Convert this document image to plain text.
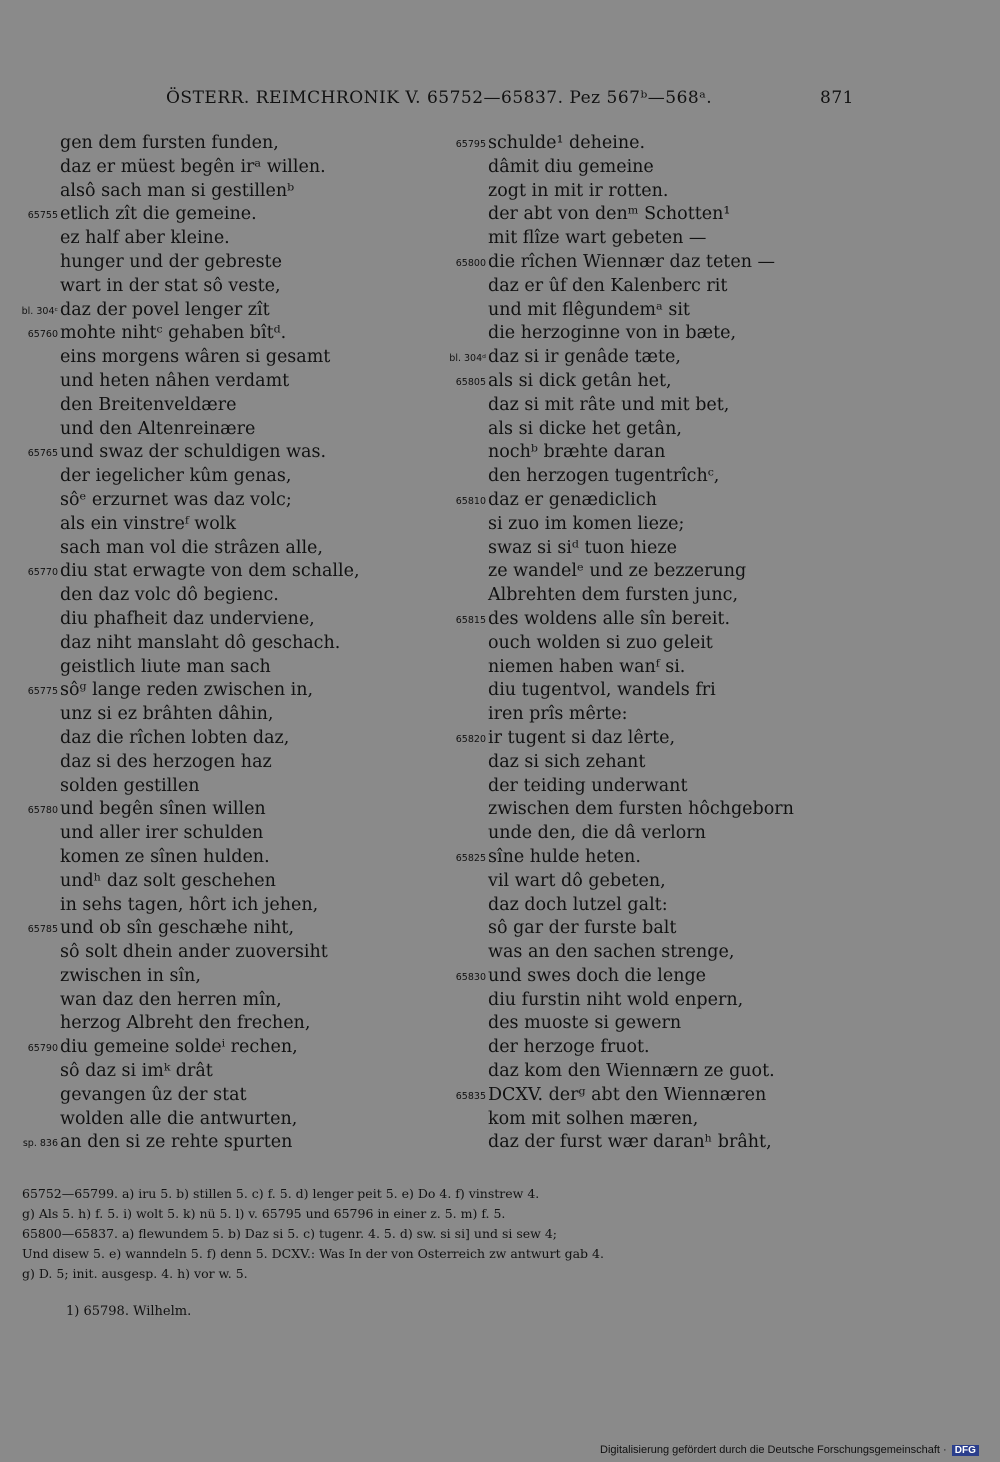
ÖSTERR. REIMCHRONIK V. 65752—65837. Pez 567ᵇ—568ᵃ.	871
gen dem fursten funden,
daz er müest begên irᵃ willen.
alsô sach man si gestillenᵇ
65755 etlich zît die gemeine.
ez half aber kleine.
hunger und der gebreste
wart in der stat sô veste,
bl. 304ᶜ daz der povel lenger zît
65760 mohte nihtᶜ gehaben bîtᵈ.
eins morgens wâren si gesamt
und heten nâhen verdamt
den Breitenveldære
und den Altenreinære
65765 und swaz der schuldigen was.
der iegelicher kûm genas,
sôᵉ erzurnet was daz volc;
als ein vinstreᶠ wolk
sach man vol die strâzen alle,
65770 diu stat erwagte von dem schalle,
den daz volc dô begienc.
diu phafheit daz underviene,
daz niht manslaht dô geschach.
geistlich liute man sach
65775 sôᵍ lange reden zwischen in,
unz si ez brâhten dâhin,
daz die rîchen lobten daz,
daz si des herzogen haz
solden gestillen
65780 und begên sînen willen
und aller irer schulden
komen ze sînen hulden.
undʰ daz solt geschehen
in sehs tagen, hôrt ich jehen,
65785 und ob sîn geschæhe niht,
sô solt dhein ander zuoversiht
zwischen in sîn,
wan daz den herren mîn,
herzog Albreht den frechen,
65790 diu gemeine soldeⁱ rechen,
sô daz si imᵏ drât
gevangen ûz der stat
wolden alle die antwurten,
sp. 836 an den si ze rehte spurten
65795 schulde¹ deheine.
dâmit diu gemeine
zogt in mit ir rotten.
der abt von denᵐ Schotten¹
mit flîze wart gebeten —
65800 die rîchen Wiennær daz teten —
daz er ûf den Kalenberc rit
und mit flêgundemᵃ sit
die herzoginne von in bæte,
bl. 304ᵈ daz si ir genâde tæte,
65805 als si dick getân het,
daz si mit râte und mit bet,
als si dicke het getân,
nochᵇ bræhte daran
den herzogen tugentrîchᶜ,
65810 daz er genædiclich
si zuo im komen lieze;
swaz si siᵈ tuon hieze
ze wandelᵉ und ze bezzerung
Albrehten dem fursten junc,
65815 des woldens alle sîn bereit.
ouch wolden si zuo geleit
niemen haben wanᶠ si.
diu tugentvol, wandels fri
iren prîs mêrte:
65820 ir tugent si daz lêrte,
daz si sich zehant
der teiding underwant
zwischen dem fursten hôchgeborn
unde den, die dâ verlorn
65825 sîne hulde heten.
vil wart dô gebeten,
daz doch lutzel galt:
sô gar der furste balt
was an den sachen strenge,
65830 und swes doch die lenge
diu furstin niht wold enpern,
des muoste si gewern
der herzoge fruot.
daz kom den Wiennærn ze guot.
65835 DCXV. derᵍ abt den Wiennæren
kom mit solhen mæren,
daz der furst wær daranʰ brâht,
65752—65799. a) iru 5. b) stillen 5. c) f. 5. d) lenger peit 5. e) Do 4. f) vinstrew 4.
g) Als 5. h) f. 5. i) wolt 5. k) nü 5. l) v. 65795 und 65796 in einer z. 5. m) f. 5.
65800—65837. a) flewundem 5. b) Daz si 5. c) tugenr. 4. 5. d) sw. si si] und si sew 4;
Und disew 5. e) wanndeln 5. f) denn 5. DCXV.: Was In der von Osterreich zw antwurt gab 4.
g) D. 5; init. ausgesp. 4. h) vor w. 5.
1) 65798. Wilhelm.
Digitalisierung gefördert durch die Deutsche Forschungsgemeinschaft · DFG
